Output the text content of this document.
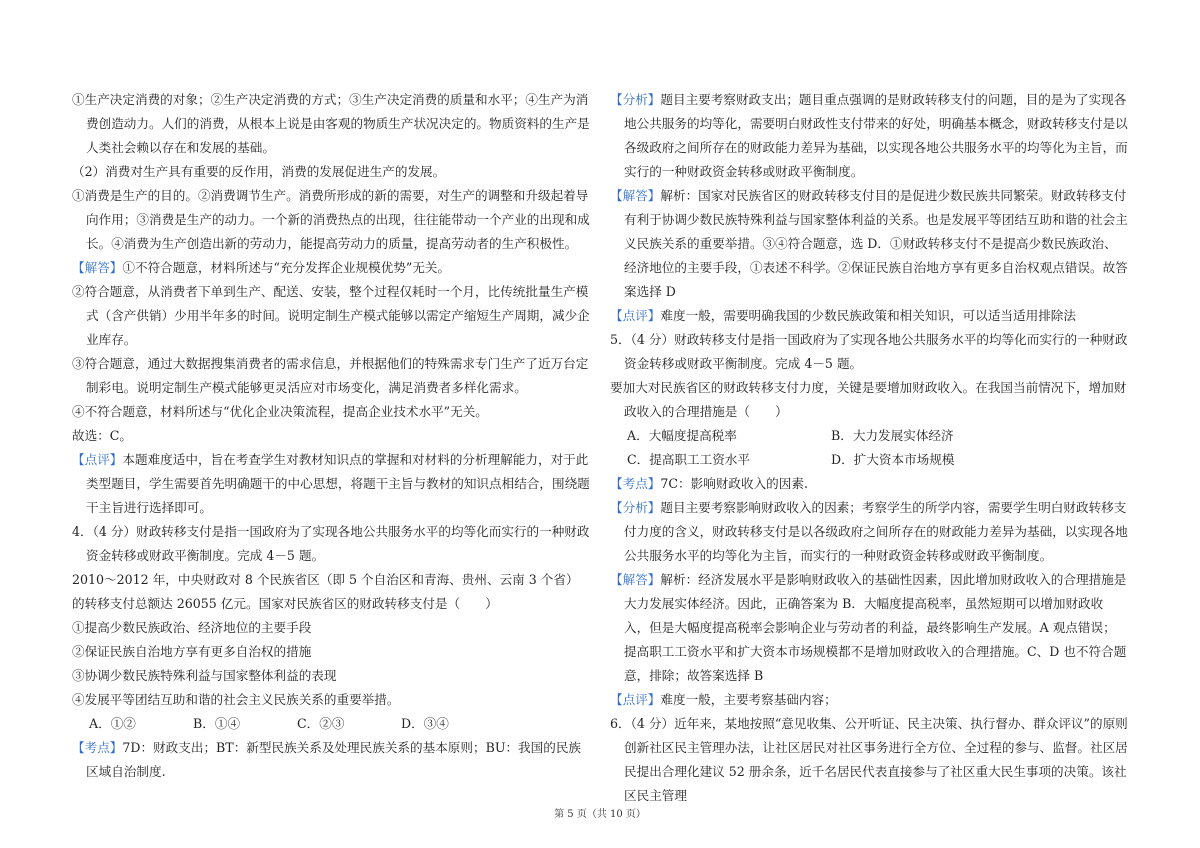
①生产决定消费的对象；②生产决定消费的方式；③生产决定消费的质量和水平；④生产为消费创造动力。人们的消费，从根本上说是由客观的物质生产状况决定的。物质资料的生产是人类社会赖以存在和发展的基础。

（2）消费对生产具有重要的反作用，消费的发展促进生产的发展。

①消费是生产的目的。②消费调节生产。消费所形成的新的需要，对生产的调整和升级起着导向作用；③消费是生产的动力。一个新的消费热点的出现，往往能带动一个产业的出现和成长。④消费为生产创造出新的劳动力，能提高劳动力的质量，提高劳动者的生产积极性。

【解答】①不符合题意，材料所述与“充分发挥企业规模优势”无关。

②符合题意，从消费者下单到生产、配送、安装，整个过程仅耗时一个月，比传统批量生产模式（含产供销）少用半年多的时间。说明定制生产模式能够以需定产缩短生产周期，减少企业库存。

③符合题意，通过大数据搜集消费者的需求信息，并根据他们的特殊需求专门生产了近万台定制彩电。说明定制生产模式能够更灵活应对市场变化，满足消费者多样化需求。

④不符合题意，材料所述与“优化企业决策流程，提高企业技术水平”无关。

故选：C。

【点评】本题难度适中，旨在考查学生对教材知识点的掌握和对材料的分析理解能力，对于此类型题目，学生需要首先明确题干的中心思想，将题干主旨与教材的知识点相结合，围绕题干主旨进行选择即可。

4．（4 分）财政转移支付是指一国政府为了实现各地公共服务水平的均等化而实行的一种财政资金转移或财政平衡制度。完成 4－5 题。

2010～2012 年，中央财政对 8 个民族省区（即 5 个自治区和青海、贵州、云南 3 个省）的转移支付总额达 26055 亿元。国家对民族省区的财政转移支付是（　　）

①提高少数民族政治、经济地位的主要手段

②保证民族自治地方享有更多自治权的措施

③协调少数民族特殊利益与国家整体利益的表现

④发展平等团结互助和谐的社会主义民族关系的重要举措。

A．①②	B．①④	C．②③	D．③④

【考点】7D：财政支出；BT：新型民族关系及处理民族关系的基本原则；BU：我国的民族区域自治制度.

【分析】题目主要考察财政支出；题目重点强调的是财政转移支付的问题，目的是为了实现各地公共服务的均等化，需要明白财政性支付带来的好处，明确基本概念，财政转移支付是以各级政府之间所存在的财政能力差异为基础，以实现各地公共服务水平的均等化为主旨，而实行的一种财政资金转移或财政平衡制度。

【解答】解析：国家对民族省区的财政转移支付目的是促进少数民族共同繁荣。财政转移支付有利于协调少数民族特殊利益与国家整体利益的关系。也是发展平等团结互助和谐的社会主义民族关系的重要举措。③④符合题意，选 D．①财政转移支付不是提高少数民族政治、经济地位的主要手段，①表述不科学。②保证民族自治地方享有更多自治权观点错误。故答案选择 D

【点评】难度一般，需要明确我国的少数民族政策和相关知识，可以适当适用排除法

5．（4 分）财政转移支付是指一国政府为了实现各地公共服务水平的均等化而实行的一种财政资金转移或财政平衡制度。完成 4－5 题。

要加大对民族省区的财政转移支付力度，关键是要增加财政收入。在我国当前情况下，增加财政收入的合理措施是（　　）

A．大幅度提高税率	B．大力发展实体经济
C．提高职工工资水平	D．扩大资本市场规模

【考点】7C：影响财政收入的因素.

【分析】题目主要考察影响财政收入的因素；考察学生的所学内容，需要学生明白财政转移支付力度的含义，财政转移支付是以各级政府之间所存在的财政能力差异为基础，以实现各地公共服务水平的均等化为主旨，而实行的一种财政资金转移或财政平衡制度。

【解答】解析：经济发展水平是影响财政收入的基础性因素，因此增加财政收入的合理措施是大力发展实体经济。因此，正确答案为 B．大幅度提高税率，虽然短期可以增加财政收入，但是大幅度提高税率会影响企业与劳动者的利益，最终影响生产发展。A 观点错误；提高职工工资水平和扩大资本市场规模都不是增加财政收入的合理措施。C、D 也不符合题意，排除；故答案选择 B

【点评】难度一般，主要考察基础内容；

6．（4 分）近年来，某地按照“意见收集、公开听证、民主决策、执行督办、群众评议”的原则创新社区民主管理办法，让社区居民对社区事务进行全方位、全过程的参与、监督。社区居民提出合理化建议 52 册余条，近千名居民代表直接参与了社区重大民生事项的决策。该社区民主管理

第 5 页（共 10 页）
